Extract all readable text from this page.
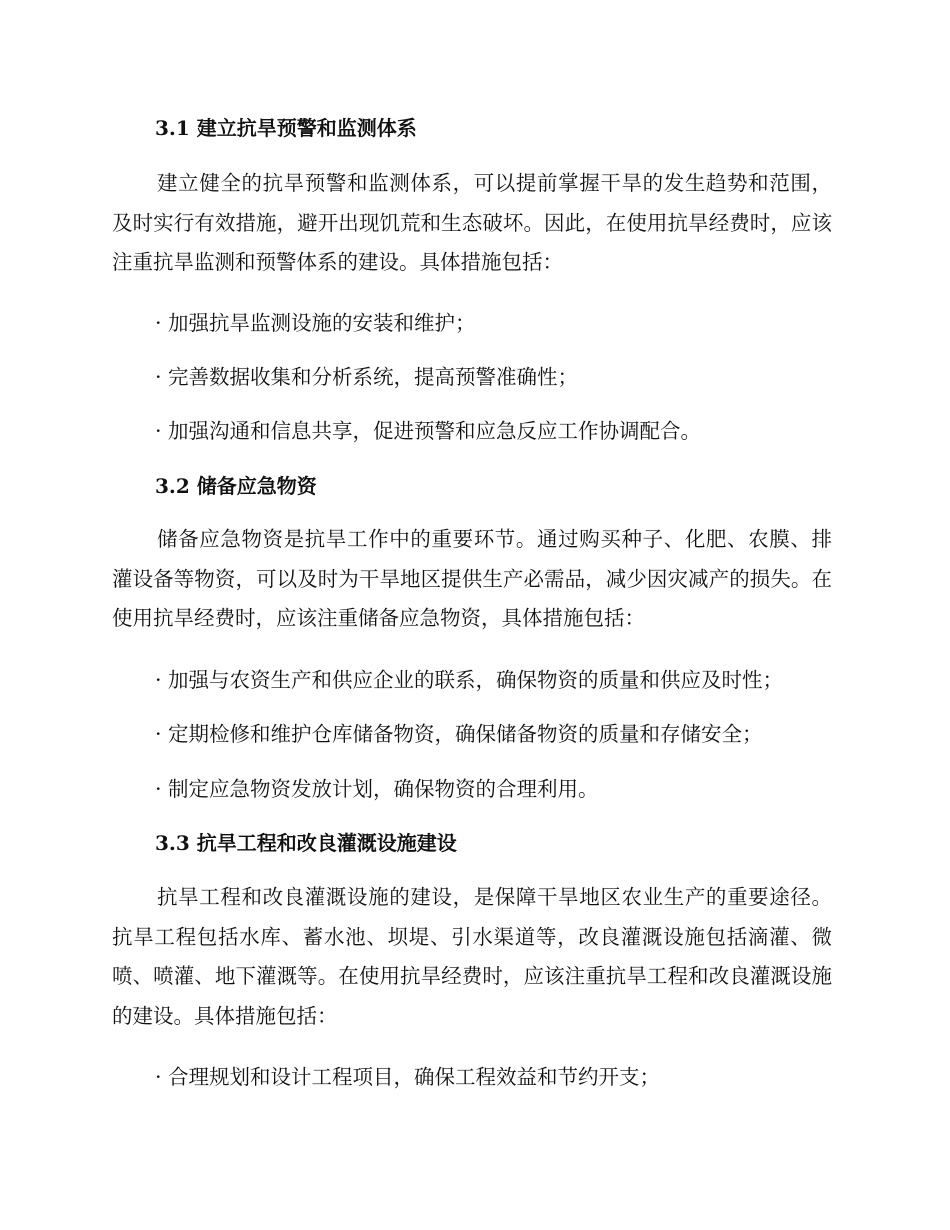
3.1 建立抗旱预警和监测体系
建立健全的抗旱预警和监测体系，可以提前掌握干旱的发生趋势和范围，及时实行有效措施，避开出现饥荒和生态破坏。因此，在使用抗旱经费时，应该注重抗旱监测和预警体系的建设。具体措施包括：
· 加强抗旱监测设施的安装和维护；
· 完善数据收集和分析系统，提高预警准确性；
· 加强沟通和信息共享，促进预警和应急反应工作协调配合。
3.2 储备应急物资
储备应急物资是抗旱工作中的重要环节。通过购买种子、化肥、农膜、排灌设备等物资，可以及时为干旱地区提供生产必需品，减少因灾减产的损失。在使用抗旱经费时，应该注重储备应急物资，具体措施包括：
· 加强与农资生产和供应企业的联系，确保物资的质量和供应及时性；
· 定期检修和维护仓库储备物资，确保储备物资的质量和存储安全；
· 制定应急物资发放计划，确保物资的合理利用。
3.3 抗旱工程和改良灌溉设施建设
抗旱工程和改良灌溉设施的建设，是保障干旱地区农业生产的重要途径。抗旱工程包括水库、蓄水池、坝堤、引水渠道等，改良灌溉设施包括滴灌、微喷、喷灌、地下灌溉等。在使用抗旱经费时，应该注重抗旱工程和改良灌溉设施的建设。具体措施包括：
· 合理规划和设计工程项目，确保工程效益和节约开支；
